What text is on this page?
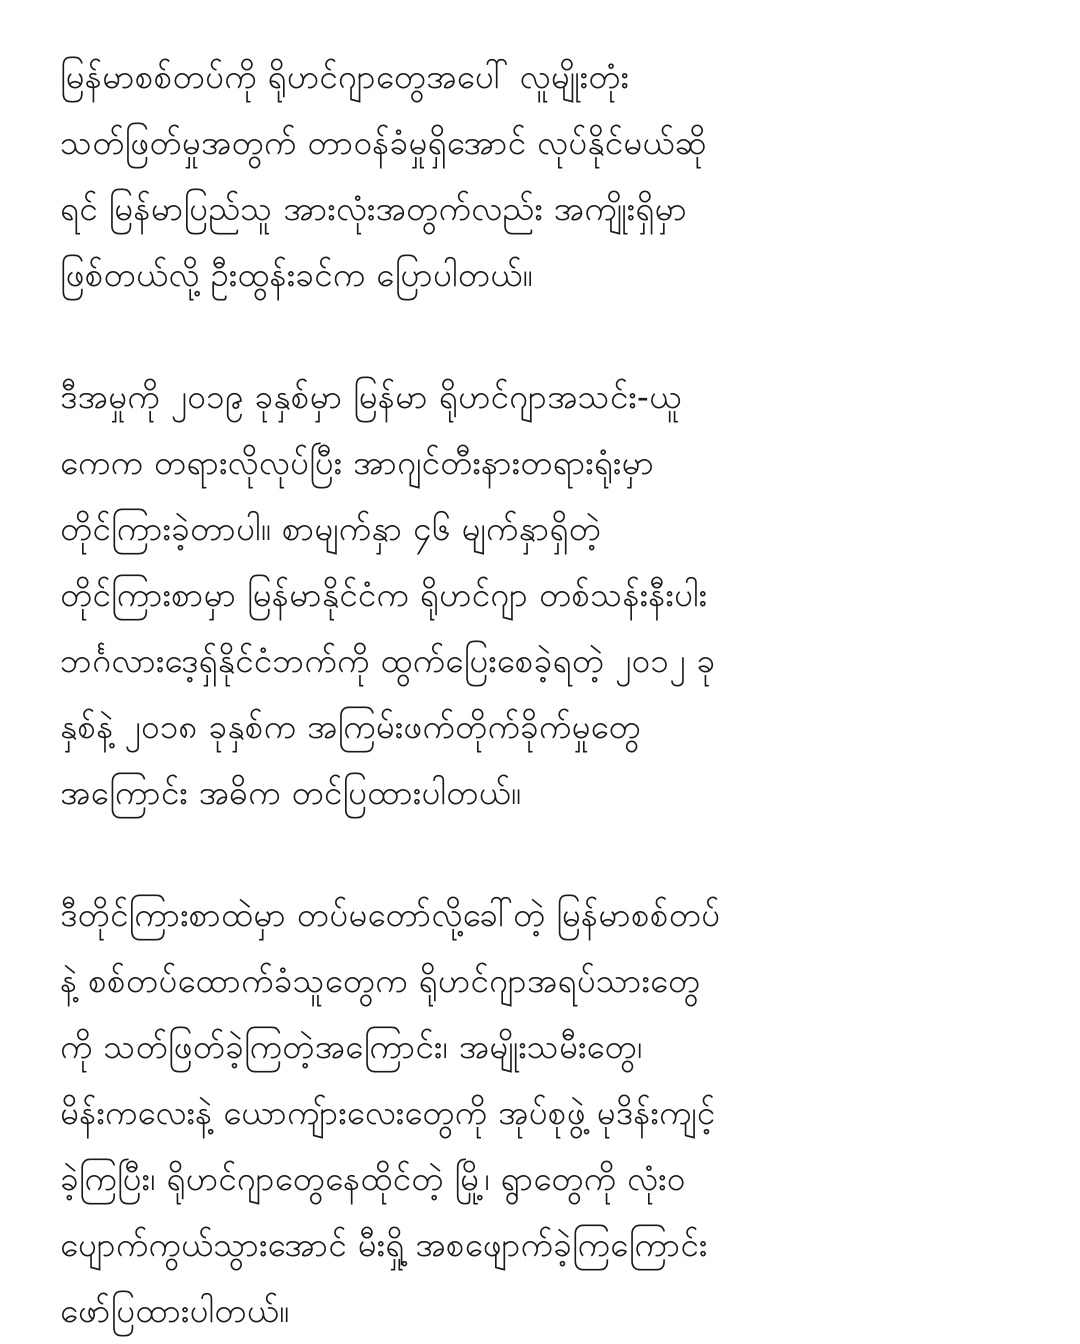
မြန်မာစစ်တပ်ကို ရိုဟင်ဂျာတွေအပေါ် လူမျိုးတုံး
သတ်ဖြတ်မှုအတွက် တာဝန်ခံမှုရှိအောင် လုပ်နိုင်မယ်ဆို
ရင် မြန်မာပြည်သူ အားလုံးအတွက်လည်း အကျိုးရှိမှာ
ဖြစ်တယ်လို့ ဦးထွန်းခင်က ပြောပါတယ်။
ဒီအမှုကို ၂၀၁၉ ခုနှစ်မှာ မြန်မာ ရိုဟင်ဂျာအသင်း-ယူ
ကေက တရားလိုလုပ်ပြီး အာဂျင်တီးနားတရားရုံးမှာ
တိုင်ကြားခဲ့တာပါ။ စာမျက်နှာ ၄၆ မျက်နှာရှိတဲ့
တိုင်ကြားစာမှာ မြန်မာနိုင်ငံက ရိုဟင်ဂျာ တစ်သန်းနီးပါး
ဘင်္ဂလားဒေ့ရှ်နိုင်ငံဘက်ကို ထွက်ပြေးစေခဲ့ရတဲ့ ၂၀၁၂ ခု
နှစ်နဲ့ ၂၀၁၈ ခုနှစ်က အကြမ်းဖက်တိုက်ခိုက်မှုတွေ
အကြောင်း အဓိက တင်ပြထားပါတယ်။
ဒီတိုင်ကြားစာထဲမှာ တပ်မတော်လို့ခေါ်တဲ့ မြန်မာစစ်တပ်
နဲ့ စစ်တပ်ထောက်ခံသူတွေက ရိုဟင်ဂျာအရပ်သားတွေ
ကို သတ်ဖြတ်ခဲ့ကြတဲ့အကြောင်း၊ အမျိုးသမီးတွေ၊
မိန်းကလေးနဲ့ ယောကျ်ားလေးတွေကို အုပ်စုဖွဲ့ မုဒိန်းကျင့်
ခဲ့ကြပြီး၊ ရိုဟင်ဂျာတွေနေထိုင်တဲ့ မြို့၊ ရွာတွေကို လုံးဝ
ပျောက်ကွယ်သွားအောင် မီးရှို့ အစဖျောက်ခဲ့ကြကြောင်း
ဖော်ပြထားပါတယ်။
